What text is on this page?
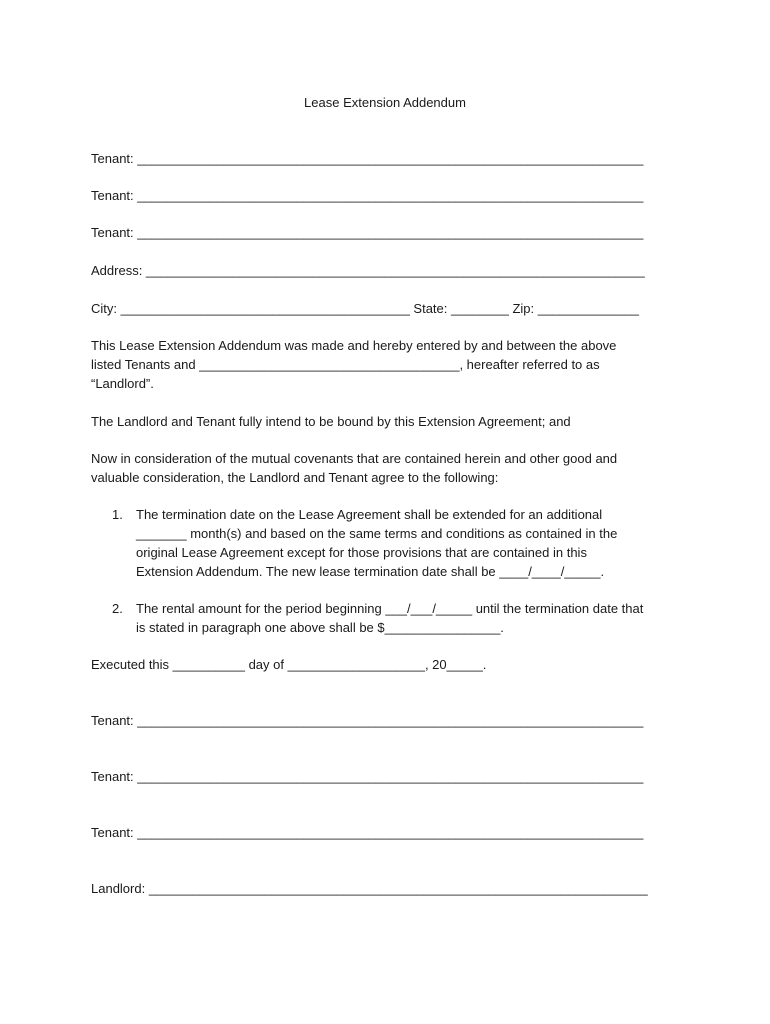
Lease Extension Addendum
Tenant: ______________________________________________________________________
Tenant: ______________________________________________________________________
Tenant: ______________________________________________________________________
Address: _____________________________________________________________________
City: ________________________________________ State: ________ Zip: ______________
This Lease Extension Addendum was made and hereby entered by and between the above
listed Tenants and ____________________________________, hereafter referred to as
“Landlord”.
The Landlord and Tenant fully intend to be bound by this Extension Agreement; and
Now in consideration of the mutual covenants that are contained herein and other good and
valuable consideration, the Landlord and Tenant agree to the following:
1. The termination date on the Lease Agreement shall be extended for an additional
_______ month(s) and based on the same terms and conditions as contained in the
original Lease Agreement except for those provisions that are contained in this
Extension Addendum. The new lease termination date shall be ____/____/_____.
2. The rental amount for the period beginning ___/___/_____ until the termination date that
is stated in paragraph one above shall be $________________.
Executed this __________ day of ___________________, 20_____.
Tenant: ______________________________________________________________________
Tenant: ______________________________________________________________________
Tenant: ______________________________________________________________________
Landlord: _____________________________________________________________________
